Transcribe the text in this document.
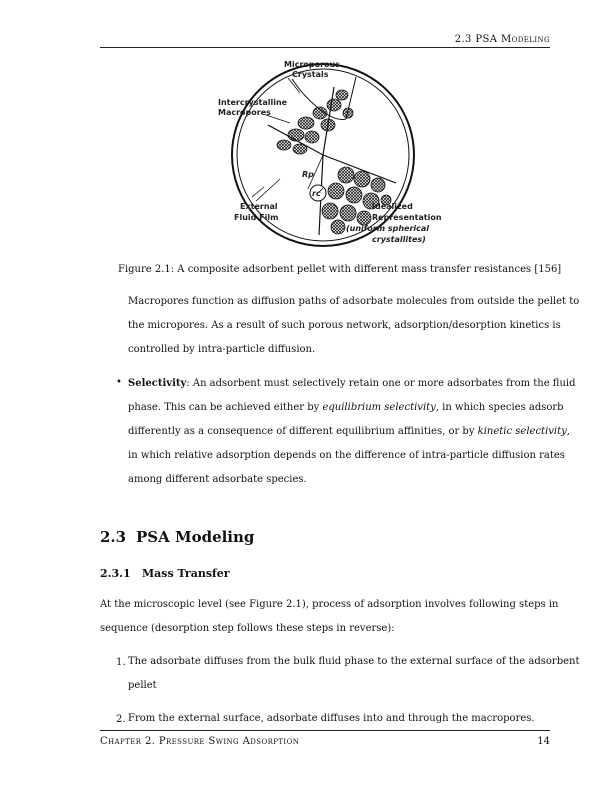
2.3 PSA Modeling
Microporous
Crystals
Intercrystalline
Macropores
Rp
rc
External
Fluid Film
Idealized
Representation
(uniform spherical
crystallites)
Figure 2.1: A composite adsorbent pellet with different mass transfer resistances [156]
Macropores function as diffusion paths of adsorbate molecules from outside the pellet to
the micropores. As a result of such porous network, adsorption/desorption kinetics is
controlled by intra-particle diffusion.
• Selectivity: An adsorbent must selectively retain one or more adsorbates from the fluid
phase. This can be achieved either by equilibrium selectivity, in which species adsorb
differently as a consequence of different equilibrium affinities, or by kinetic selectivity,
in which relative adsorption depends on the difference of intra-particle diffusion rates
among different adsorbate species.
2.3 PSA Modeling
2.3.1 Mass Transfer
At the microscopic level (see Figure 2.1), process of adsorption involves following steps in
sequence (desorption step follows these steps in reverse):
1. The adsorbate diffuses from the bulk fluid phase to the external surface of the adsorbent
pellet
2. From the external surface, adsorbate diffuses into and through the macropores.
Chapter 2. Pressure Swing Adsorption	14
